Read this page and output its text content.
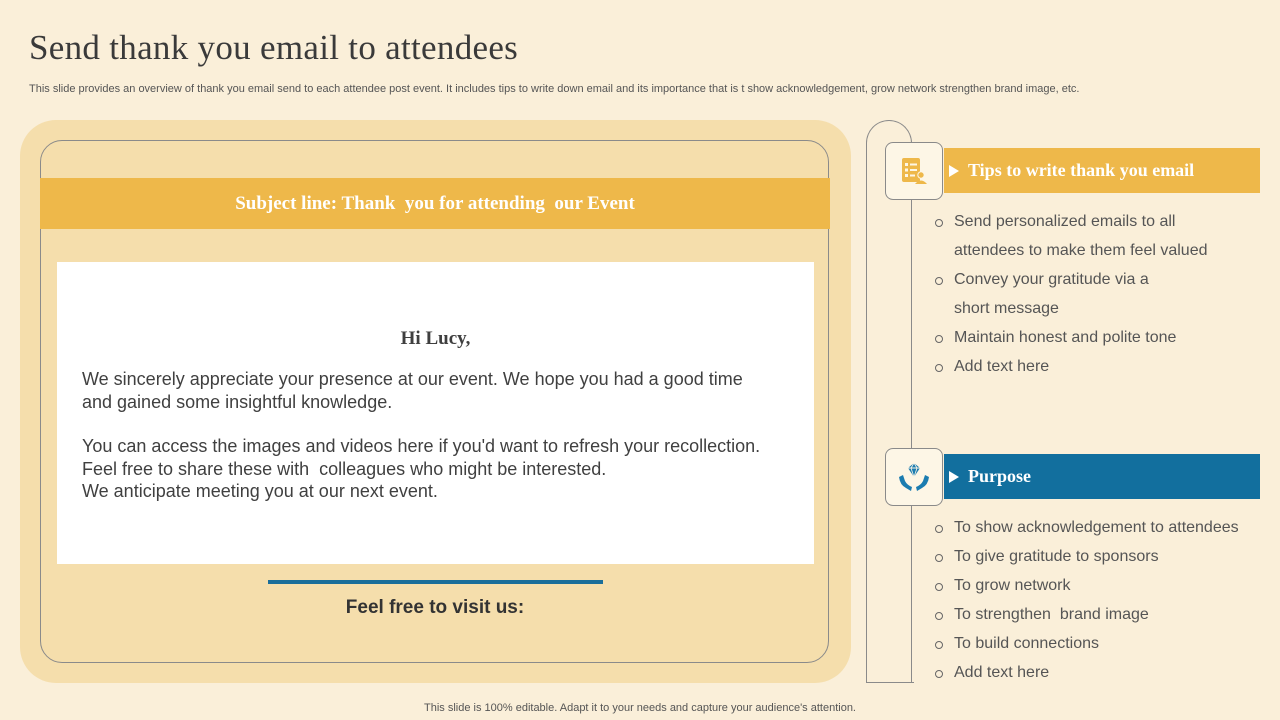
Send thank you email to attendees
This slide provides an overview of thank you email send to each attendee post event. It includes tips to write down email and its importance that is t show acknowledgement, grow network strengthen brand image, etc.
Subject line: Thank  you for attending  our Event
Hi Lucy,
We sincerely appreciate your presence at our event. We hope you had a good time
and gained some insightful knowledge.
You can access the images and videos here if you'd want to refresh your recollection.
Feel free to share these with  colleagues who might be interested.
We anticipate meeting you at our next event.
Feel free to visit us:
Tips to write thank you email
Send personalized emails to all
attendees to make them feel valued
Convey your gratitude via a
short message
Maintain honest and polite tone
Add text here
Purpose
To show acknowledgement to attendees
To give gratitude to sponsors
To grow network
To strengthen  brand image
To build connections
Add text here
This slide is 100% editable. Adapt it to your needs and capture your audience's attention.
